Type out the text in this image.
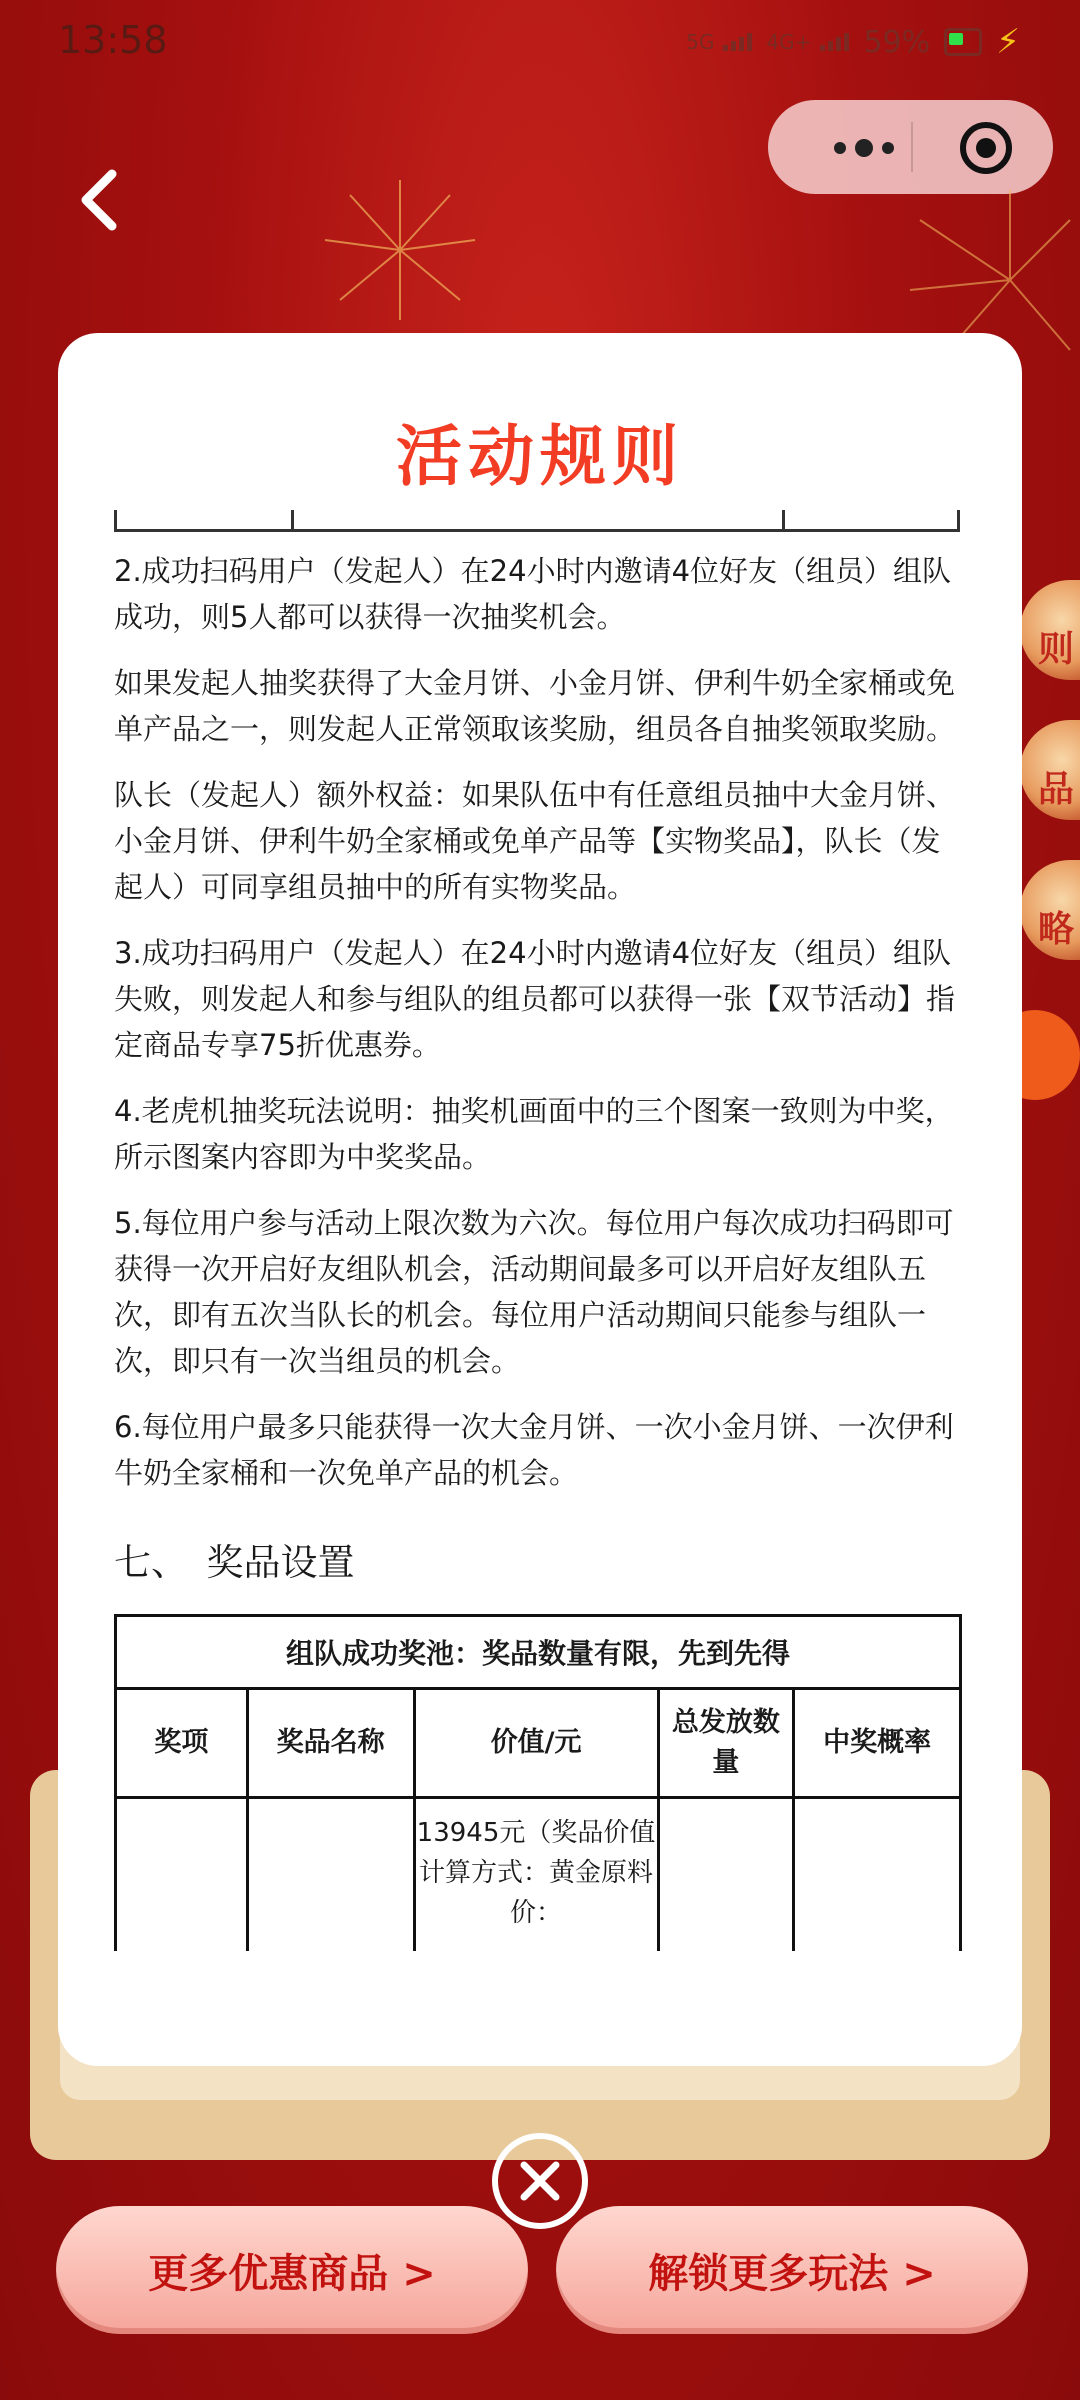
13:58	5G	4G+	59% ⚡
则
品
略
活动规则

2.成功扫码用户（发起人）在24小时内邀请4位好友（组员）组队成功，则5人都可以获得一次抽奖机会。

如果发起人抽奖获得了大金月饼、小金月饼、伊利牛奶全家桶或免单产品之一，则发起人正常领取该奖励，组员各自抽奖领取奖励。

队长（发起人）额外权益：如果队伍中有任意组员抽中大金月饼、小金月饼、伊利牛奶全家桶或免单产品等【实物奖品】，队长（发起人）可同享组员抽中的所有实物奖品。

3.成功扫码用户（发起人）在24小时内邀请4位好友（组员）组队失败，则发起人和参与组队的组员都可以获得一张【双节活动】指定商品专享75折优惠券。

4.老虎机抽奖玩法说明：抽奖机画面中的三个图案一致则为中奖，所示图案内容即为中奖奖品。

5.每位用户参与活动上限次数为六次。每位用户每次成功扫码即可获得一次开启好友组队机会，活动期间最多可以开启好友组队五次，即有五次当队长的机会。每位用户活动期间只能参与组队一次，即只有一次当组员的机会。

6.每位用户最多只能获得一次大金月饼、一次小金月饼、一次伊利牛奶全家桶和一次免单产品的机会。

七、　奖品设置
组队成功奖池：奖品数量有限，先到先得				
奖项	奖品名称	价值/元	总发放数量	中奖概率
		13945元（奖品价值计算方式：黄金原料价：		
更多优惠商品 >	解锁更多玩法 >
